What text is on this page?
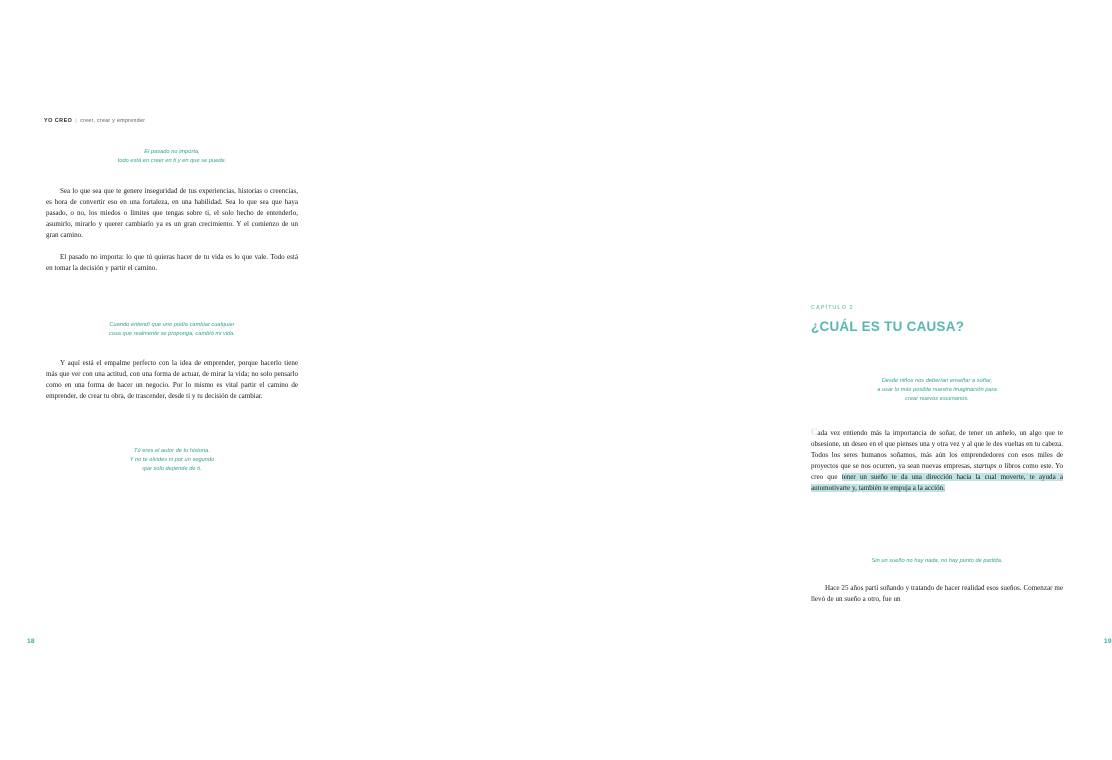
YO CREO | creer, crear y emprender
El pasado no importa,
todo está en creer en ti y en que se puede.

Sea lo que sea que te genere inseguridad de tus experiencias, historias o creencias, es hora de convertir eso en una fortaleza, en una habilidad. Sea lo que sea que haya pasado, o no, los miedos o límites que tengas sobre ti, el solo hecho de entenderlo, asumirlo, mirarlo y querer cambiarlo ya es un gran crecimiento. Y el comienzo de un gran camino.

El pasado no importa: lo que tú quieras hacer de tu vida es lo que vale. Todo está en tomar la decisión y partir el camino.

Cuando entendí que uno podía cambiar cualquier
cosa que realmente se proponga, cambió mi vida.

Y aquí está el empalme perfecto con la idea de emprender, porque hacerlo tiene más que ver con una actitud, con una forma de actuar, de mirar la vida; no solo pensarlo como en una forma de hacer un negocio. Por lo mismo es vital partir el camino de emprender, de crear tu obra, de trascender, desde ti y tu decisión de cambiar.

Tú eres el autor de tu historia.
Y no te olvides ni por un segundo
que solo depende de ti.
18
CAPÍTULO 2
¿CUÁL ES TU CAUSA?
Desde niños nos deberían enseñar a soñar,
a usar lo más posible nuestra imaginación para
crear nuevos escenarios.

Cada vez entiendo más la importancia de soñar, de tener un anhelo, un algo que te obsesione, un deseo en el que pienses una y otra vez y al que le des vueltas en tu cabeza. Todos los seres humanos soñamos, más aún los emprendedores con esos miles de proyectos que se nos ocurren, ya sean nuevas empresas, startups o libros como este. Yo creo que tener un sueño te da una dirección hacia la cual moverte, te ayuda a automotivarte y, también te empuja a la acción.

Sin un sueño no hay nada, no hay punto de partida.

Hace 25 años partí soñando y tratando de hacer realidad esos sueños. Comenzar me llevó de un sueño a otro, fue un

19
